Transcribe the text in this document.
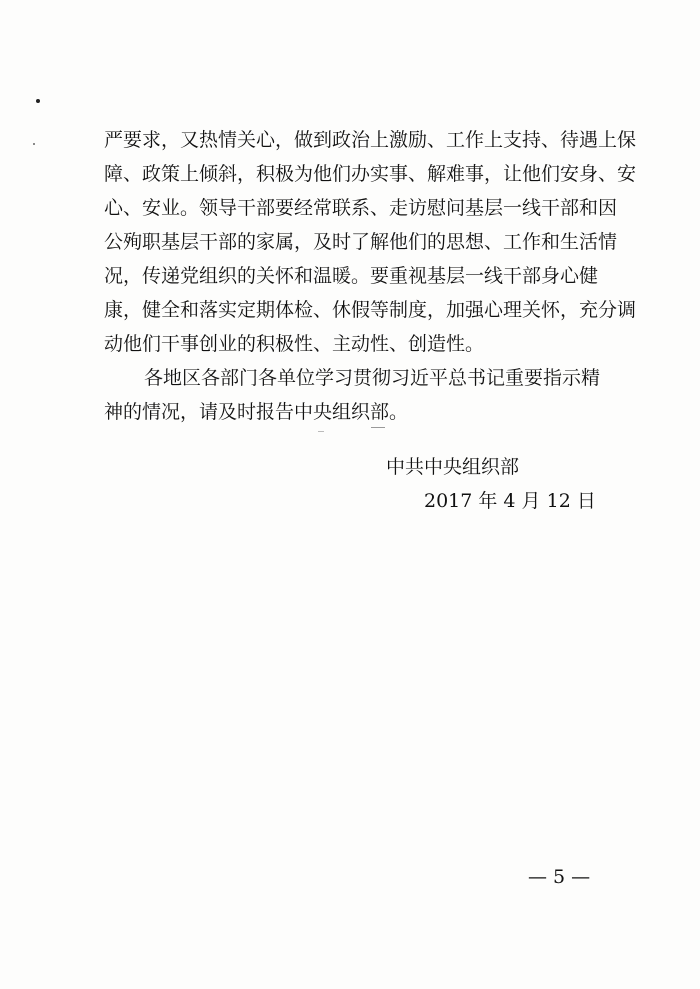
严要求，又热情关心，做到政治上激励、工作上支持、待遇上保
障、政策上倾斜，积极为他们办实事、解难事，让他们安身、安
心、安业。领导干部要经常联系、走访慰问基层一线干部和因
公殉职基层干部的家属，及时了解他们的思想、工作和生活情
况，传递党组织的关怀和温暖。要重视基层一线干部身心健
康，健全和落实定期体检、休假等制度，加强心理关怀，充分调
动他们干事创业的积极性、主动性、创造性。
各地区各部门各单位学习贯彻习近平总书记重要指示精
神的情况，请及时报告中央组织部。
中共中央组织部
2017 年 4 月 12 日
— 5 —
